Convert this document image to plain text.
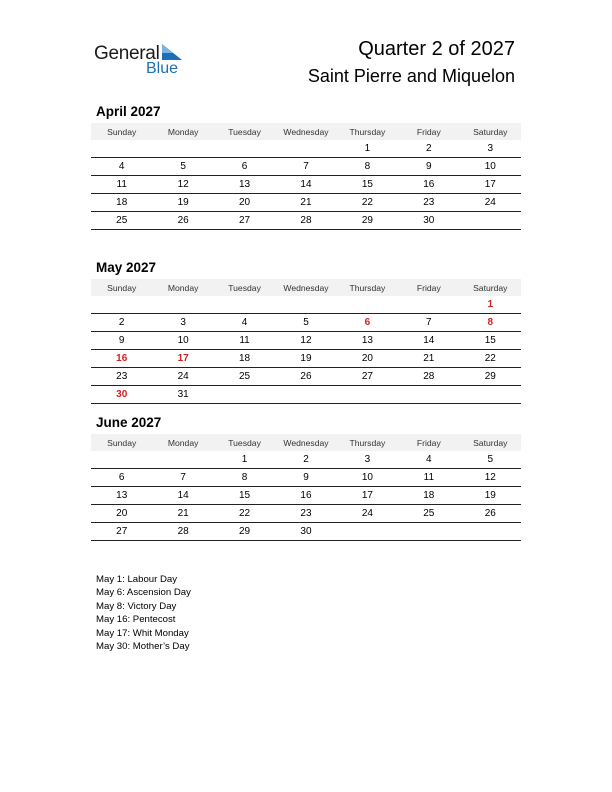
General
Blue
Quarter 2 of 2027
Saint Pierre and Miquelon
April 2027
Sunday	Monday	Tuesday	Wednesday	Thursday	Friday	Saturday
				1	2	3
4	5	6	7	8	9	10
11	12	13	14	15	16	17
18	19	20	21	22	23	24
25	26	27	28	29	30	
May 2027
Sunday	Monday	Tuesday	Wednesday	Thursday	Friday	Saturday
						1
2	3	4	5	6	7	8
9	10	11	12	13	14	15
16	17	18	19	20	21	22
23	24	25	26	27	28	29
30	31					
June 2027
Sunday	Monday	Tuesday	Wednesday	Thursday	Friday	Saturday
		1	2	3	4	5
6	7	8	9	10	11	12
13	14	15	16	17	18	19
20	21	22	23	24	25	26
27	28	29	30			
May 1: Labour Day
May 6: Ascension Day
May 8: Victory Day
May 16: Pentecost
May 17: Whit Monday
May 30: Mother’s Day
